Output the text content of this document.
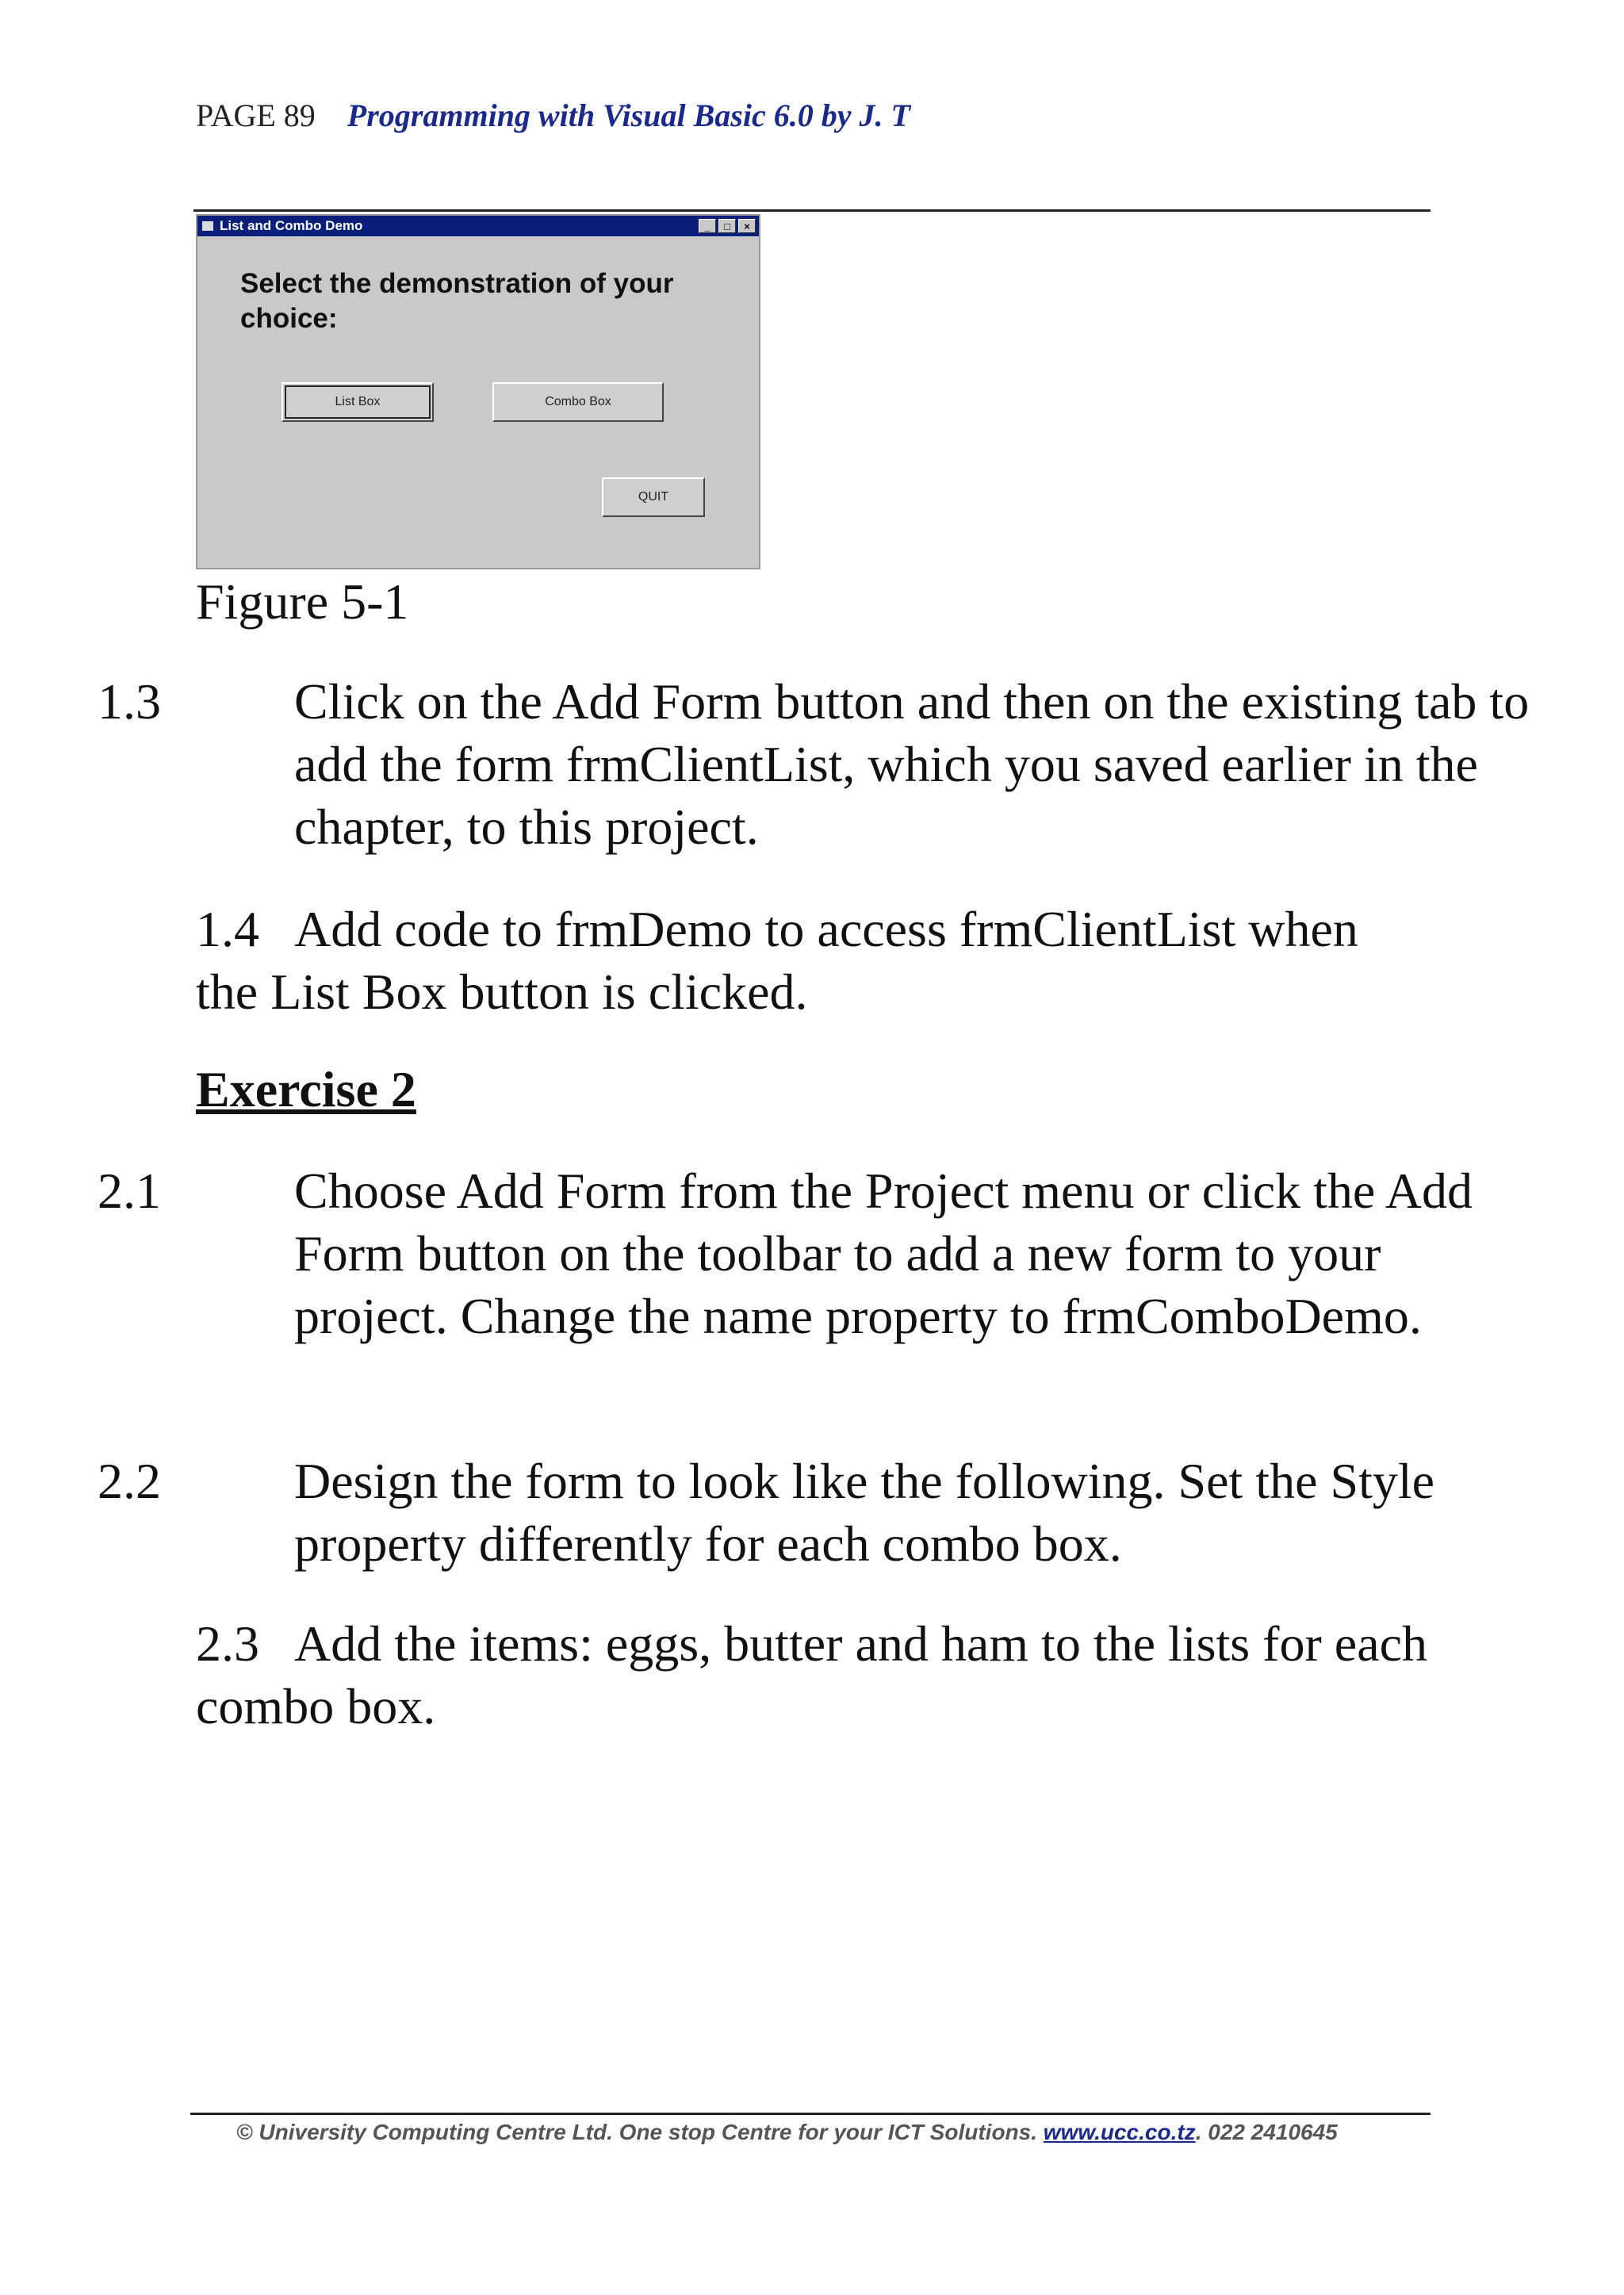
PAGE 89 Programming with Visual Basic 6.0 by J. T
List and Combo Demo	_	□	×
Select the demonstration of your choice:
List Box	Combo Box
QUIT
Figure 5-1
1.3	Click on the Add Form button and then on the existing tab to add the form frmClientList, which you saved earlier in the chapter, to this project.
1.4 Add code to frmDemo to access frmClientList when the List Box button is clicked.
Exercise 2
2.1	Choose Add Form from the Project menu or click the Add Form button on the toolbar to add a new form to your project. Change the name property to frmComboDemo.
2.2	Design the form to look like the following. Set the Style property differently for each combo box.
2.3 Add the items: eggs, butter and ham to the lists for each combo box.
© University Computing Centre Ltd. One stop Centre for your ICT Solutions. www.ucc.co.tz. 022 2410645
